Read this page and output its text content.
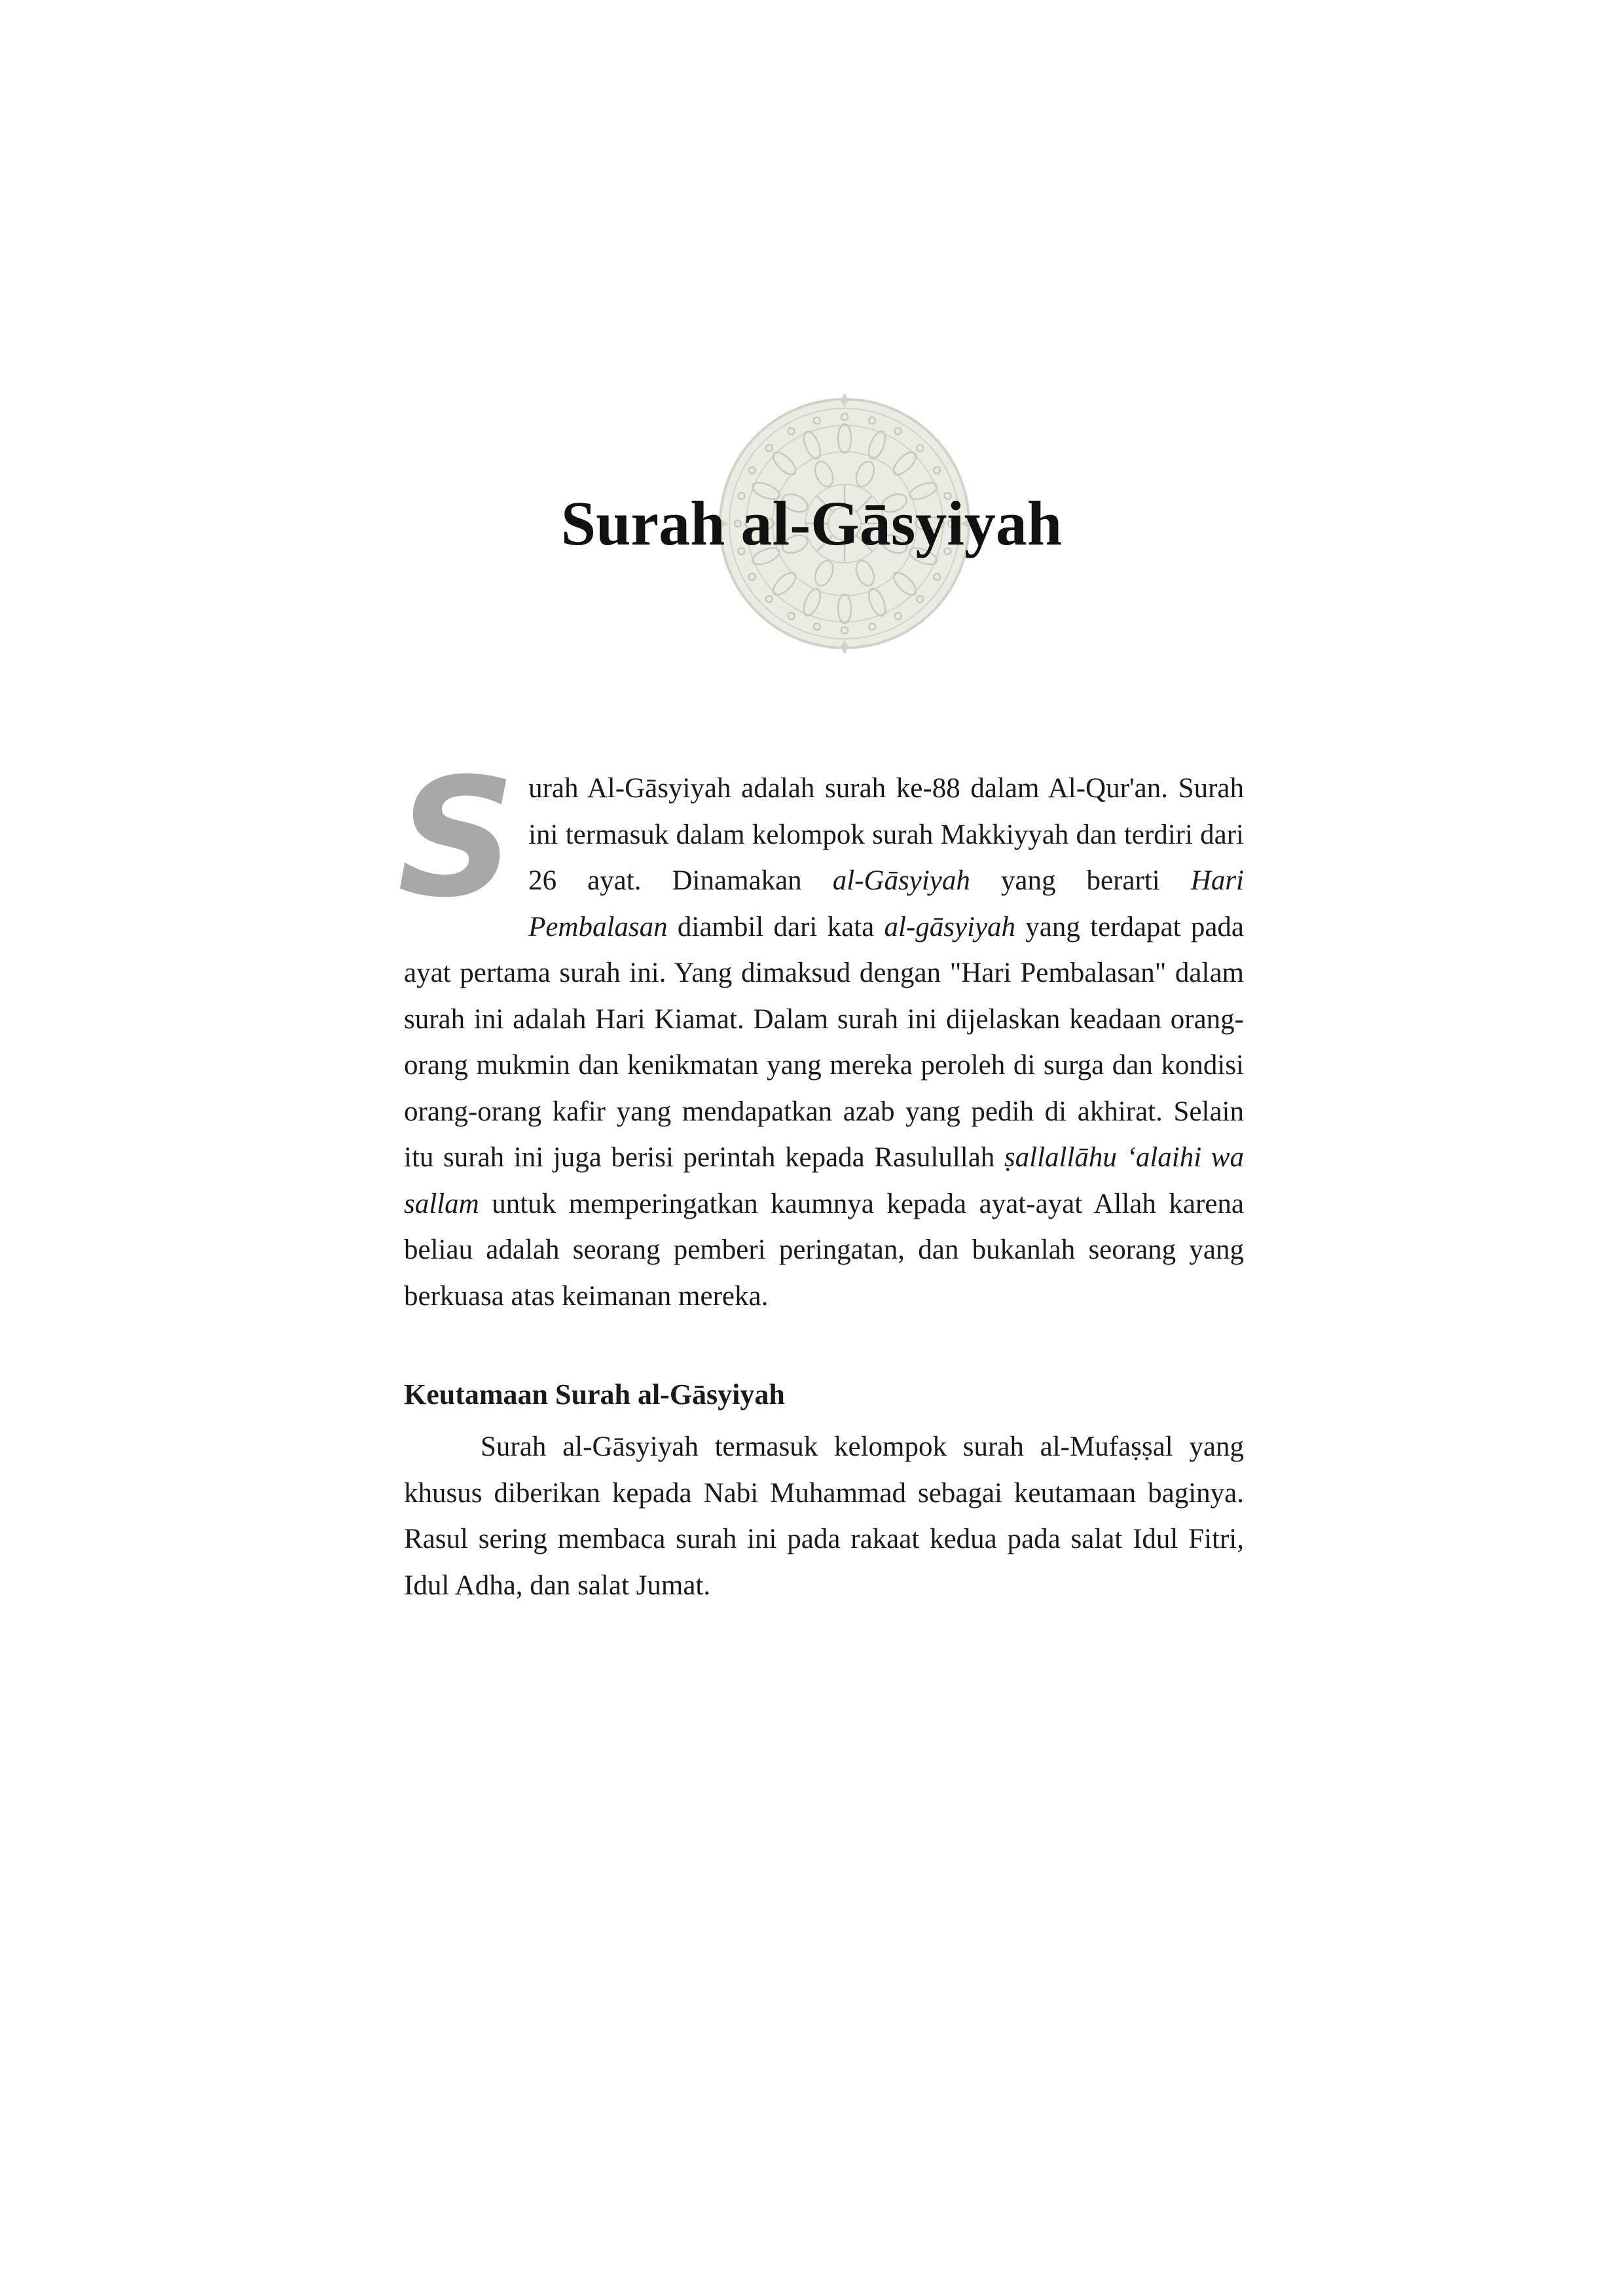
Surah al-Gāsyiyah

Surah Al-Gāsyiyah adalah surah ke-88 dalam Al-Qur'an. Surah ini termasuk dalam kelompok surah Makkiyyah dan terdiri dari 26 ayat. Dinamakan al-Gāsyiyah yang berarti Hari Pembalasan diambil dari kata al-gāsyiyah yang terdapat pada ayat pertama surah ini. Yang dimaksud dengan "Hari Pembalasan" dalam surah ini adalah Hari Kiamat. Dalam surah ini dijelaskan keadaan orang-orang mukmin dan kenikmatan yang mereka peroleh di surga dan kondisi orang-orang kafir yang mendapatkan azab yang pedih di akhirat. Selain itu surah ini juga berisi perintah kepada Rasulullah ṣallallāhu ‘alaihi wa sallam untuk memperingatkan kaumnya kepada ayat-ayat Allah karena beliau adalah seorang pemberi peringatan, dan bukanlah seorang yang berkuasa atas keimanan mereka.

Keutamaan Surah al-Gāsyiyah

Surah al-Gāsyiyah termasuk kelompok surah al-Mufaṣṣal yang khusus diberikan kepada Nabi Muhammad sebagai keutamaan baginya. Rasul sering membaca surah ini pada rakaat kedua pada salat Idul Fitri, Idul Adha, dan salat Jumat.
